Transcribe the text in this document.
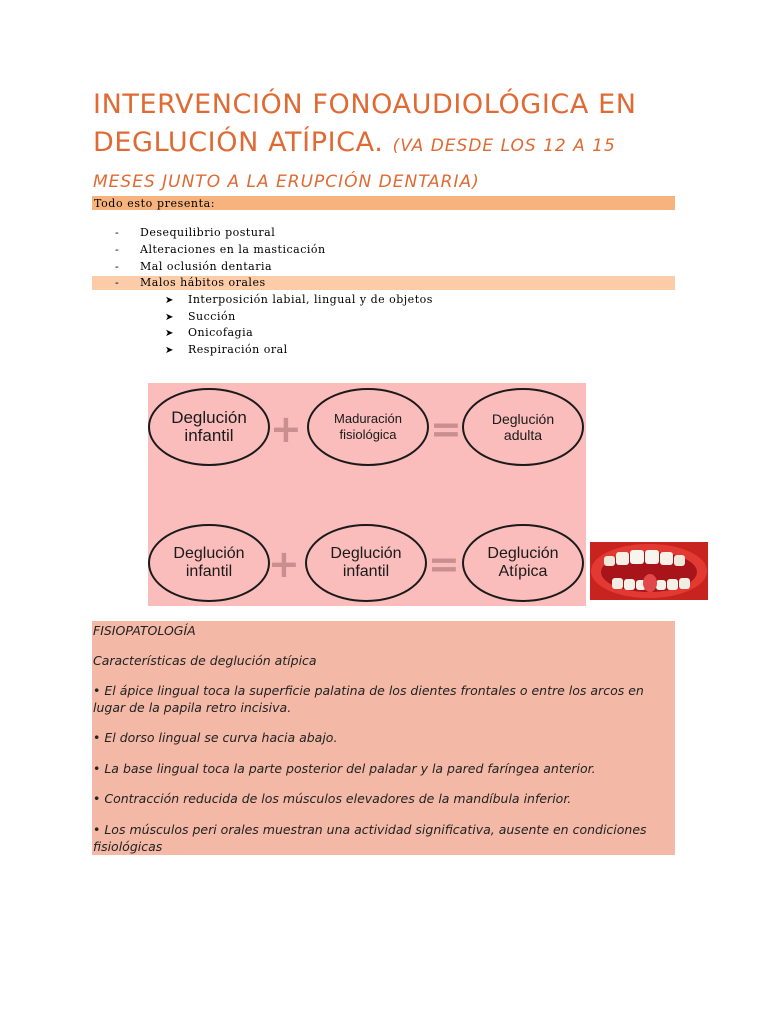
INTERVENCIÓN FONOAUDIOLÓGICA EN
DEGLUCIÓN ATÍPICA. (VA DESDE LOS 12 A 15
MESES JUNTO A LA ERUPCIÓN DENTARIA)
Todo esto presenta:
- Desequilibrio postural
- Alteraciones en la masticación
- Mal oclusión dentaria
- Malos hábitos orales
➤ Interposición labial, lingual y de objetos
➤ Succión
➤ Onicofagia
➤ Respiración oral
Deglución
infantil + Maduración
fisiológica = Deglución
adulta
Deglución
infantil + Deglución
infantil	= Deglución
Atípica

FISIOPATOLOGÍA

Características de deglución atípica

• El ápice lingual toca la superficie palatina de los dientes frontales o entre los arcos en lugar de la papila retro incisiva.

• El dorso lingual se curva hacia abajo.

• La base lingual toca la parte posterior del paladar y la pared faríngea anterior.

• Contracción reducida de los músculos elevadores de la mandíbula inferior.

• Los músculos peri orales muestran una actividad significativa, ausente en condiciones fisiológicas
